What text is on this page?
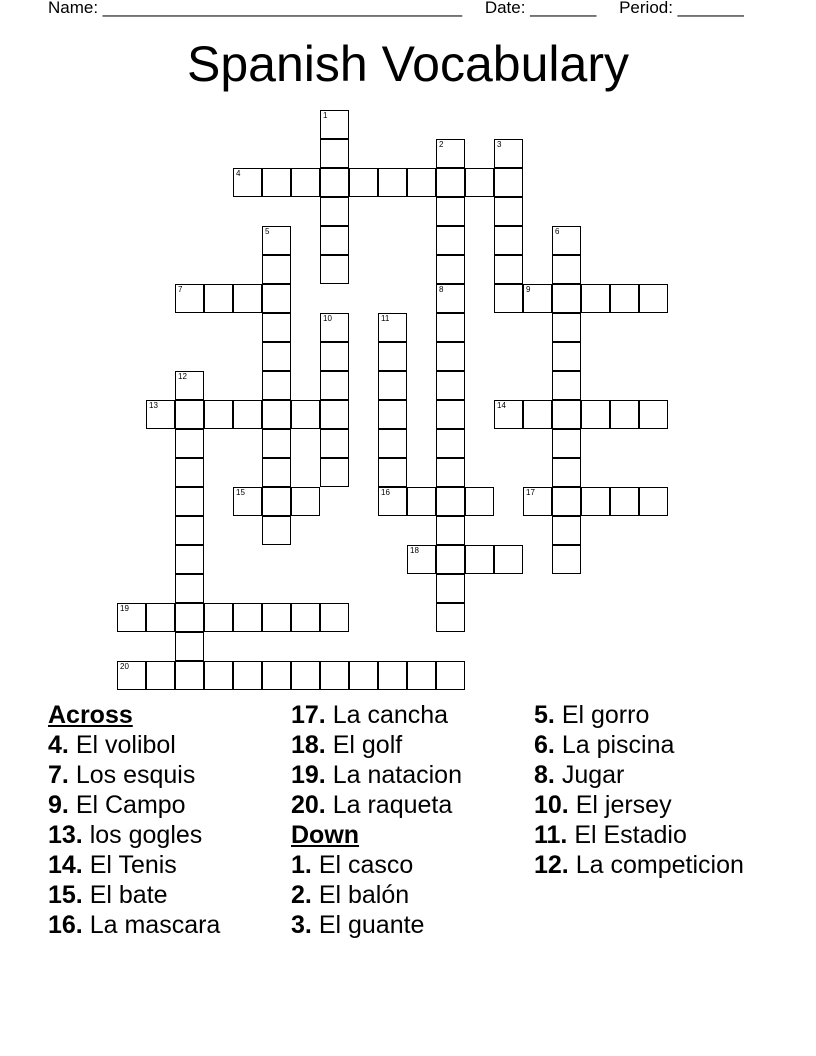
Name: ______________________________________ Date: _______ Period: _______
Spanish Vocabulary
1
2	3
4
5	6
7	8	9
10	11
12
13	14
15	16	17
18
19
20
Across
4. El volibol
7. Los esquis
9. El Campo
13. los gogles
14. El Tenis
15. El bate
16. La mascara
17. La cancha
18. El golf
19. La natacion
20. La raqueta
Down
1. El casco
2. El balón
3. El guante
5. El gorro
6. La piscina
8. Jugar
10. El jersey
11. El Estadio
12. La competicion
